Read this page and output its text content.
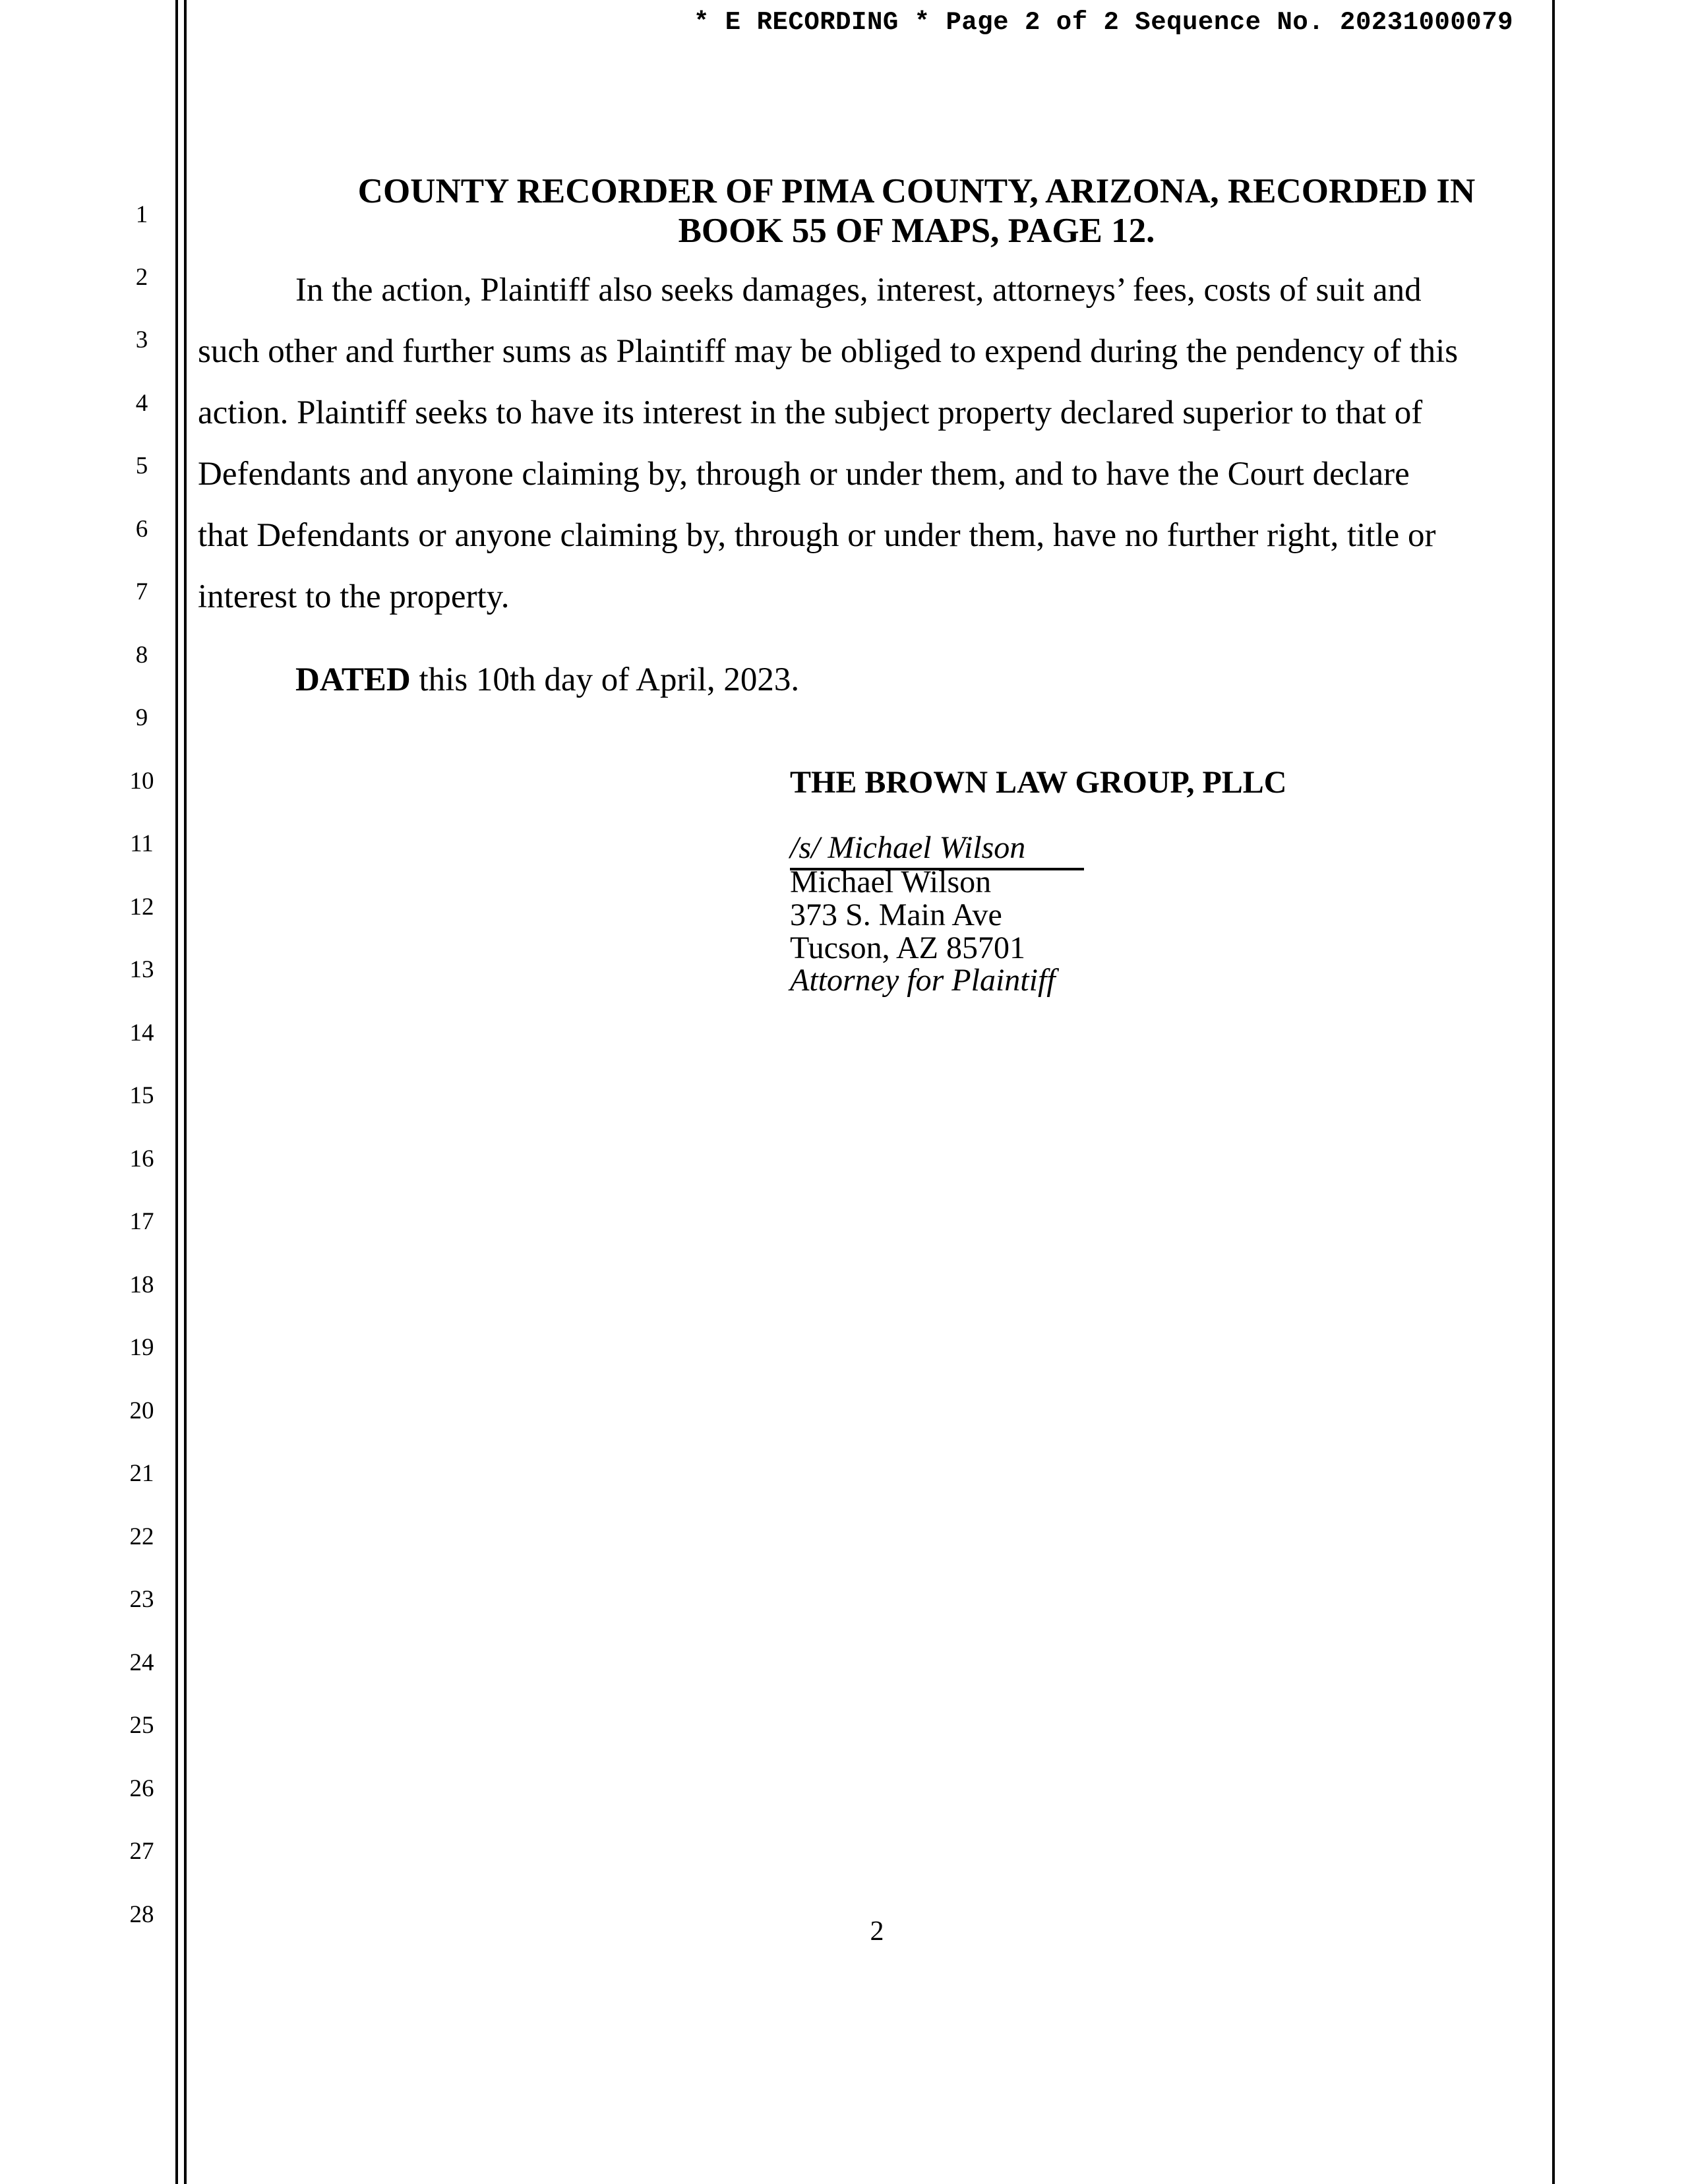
* E RECORDING * Page 2 of 2 Sequence No. 20231000079
1
2
3
4
5
6
7
8
9
10
11
12
13
14
15
16
17
18
19
20
21
22
23
24
25
26
27
28
COUNTY RECORDER OF PIMA COUNTY, ARIZONA, RECORDED IN
BOOK 55 OF MAPS, PAGE 12.
In the action, Plaintiff also seeks damages, interest, attorneys’ fees, costs of suit and
such other and further sums as Plaintiff may be obliged to expend during the pendency of this
action. Plaintiff seeks to have its interest in the subject property declared superior to that of
Defendants and anyone claiming by, through or under them, and to have the Court declare
that Defendants or anyone claiming by, through or under them, have no further right, title or
interest to the property.
DATED this 10th day of April, 2023.
THE BROWN LAW GROUP, PLLC
/s/ Michael Wilson
Michael Wilson
373 S. Main Ave
Tucson, AZ 85701
Attorney for Plaintiff
2
